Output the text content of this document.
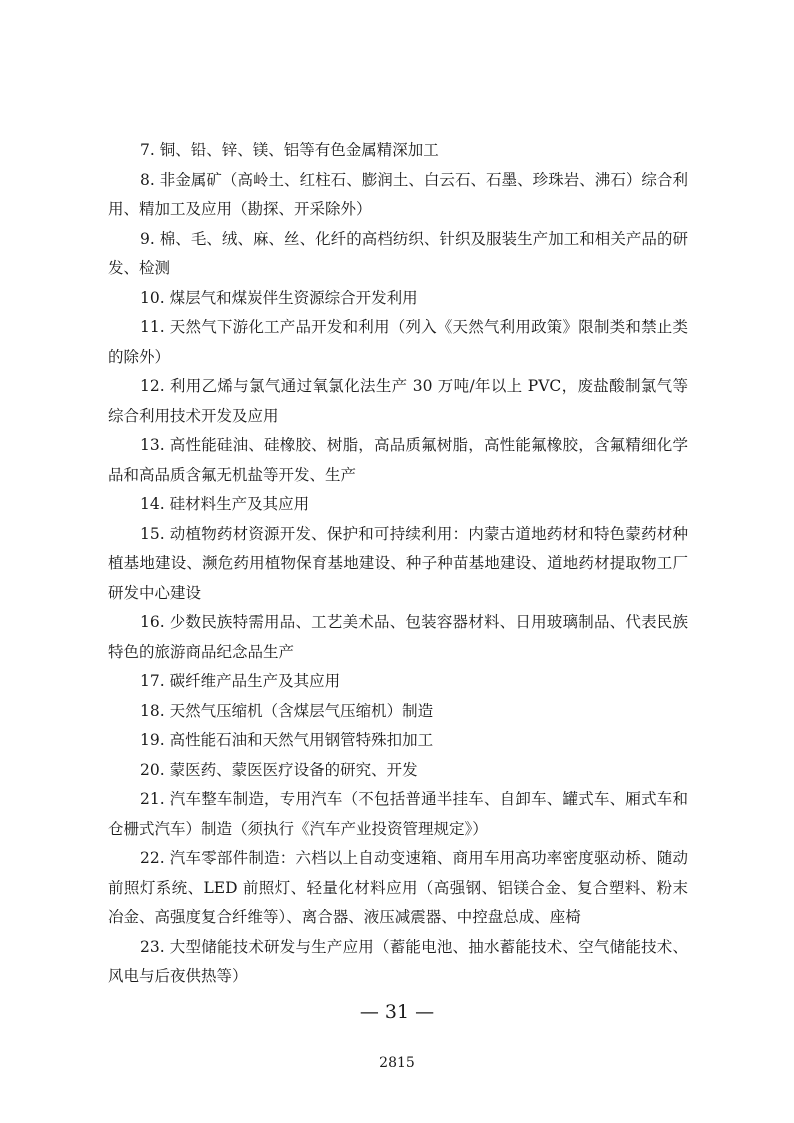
7. 铜、铅、锌、镁、铝等有色金属精深加工

8. 非金属矿（高岭土、红柱石、膨润土、白云石、石墨、珍珠岩、沸石）综合利用、精加工及应用（勘探、开采除外）

9. 棉、毛、绒、麻、丝、化纤的高档纺织、针织及服装生产加工和相关产品的研发、检测

10. 煤层气和煤炭伴生资源综合开发利用

11. 天然气下游化工产品开发和利用（列入《天然气利用政策》限制类和禁止类的除外）

12. 利用乙烯与氯气通过氧氯化法生产 30 万吨/年以上 PVC，废盐酸制氯气等综合利用技术开发及应用

13. 高性能硅油、硅橡胶、树脂，高品质氟树脂，高性能氟橡胶，含氟精细化学品和高品质含氟无机盐等开发、生产

14. 硅材料生产及其应用

15. 动植物药材资源开发、保护和可持续利用：内蒙古道地药材和特色蒙药材种植基地建设、濒危药用植物保育基地建设、种子种苗基地建设、道地药材提取物工厂研发中心建设

16. 少数民族特需用品、工艺美术品、包装容器材料、日用玻璃制品、代表民族特色的旅游商品纪念品生产

17. 碳纤维产品生产及其应用

18. 天然气压缩机（含煤层气压缩机）制造

19. 高性能石油和天然气用钢管特殊扣加工

20. 蒙医药、蒙医医疗设备的研究、开发

21. 汽车整车制造，专用汽车（不包括普通半挂车、自卸车、罐式车、厢式车和仓栅式汽车）制造（须执行《汽车产业投资管理规定》）

22. 汽车零部件制造：六档以上自动变速箱、商用车用高功率密度驱动桥、随动前照灯系统、LED 前照灯、轻量化材料应用（高强钢、铝镁合金、复合塑料、粉末冶金、高强度复合纤维等）、离合器、液压减震器、中控盘总成、座椅

23. 大型储能技术研发与生产应用（蓄能电池、抽水蓄能技术、空气储能技术、风电与后夜供热等）

— 31 —
2815
